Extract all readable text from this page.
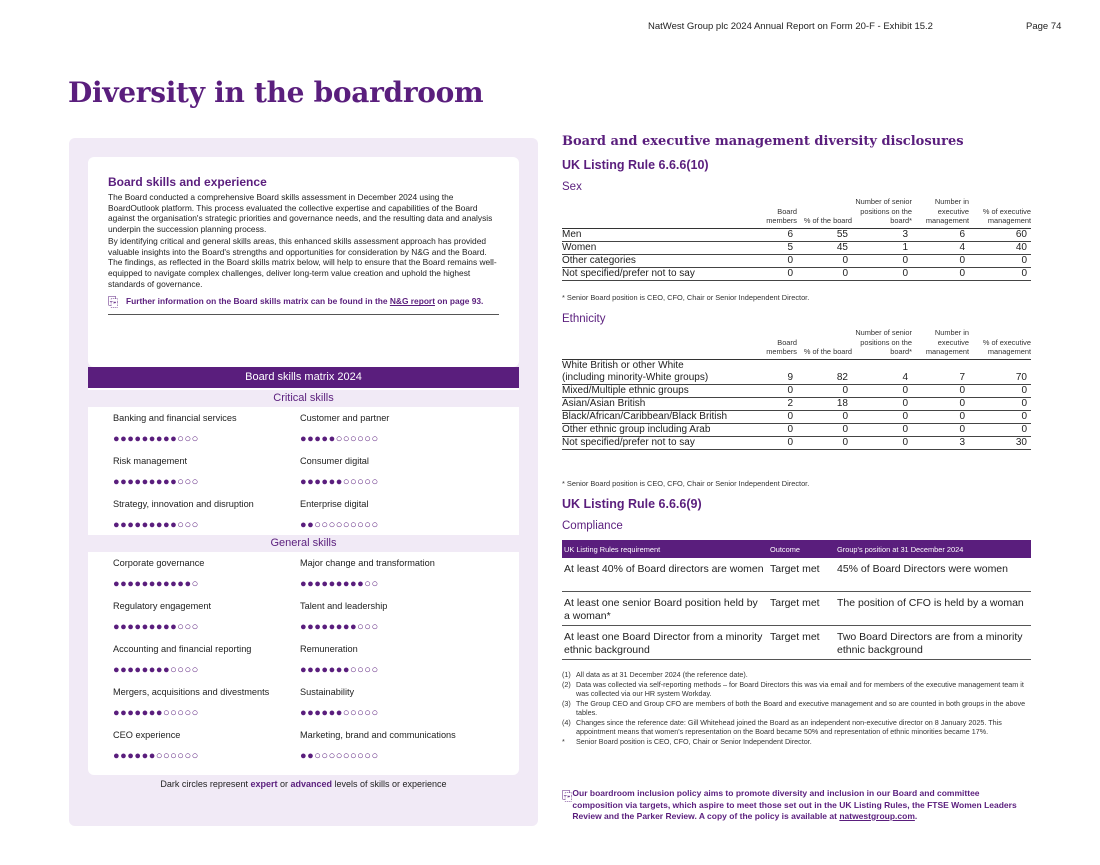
NatWest Group plc 2024 Annual Report on Form 20-F - Exhibit 15.2	Page 74
Diversity in the boardroom
Board skills and experience

The Board conducted a comprehensive Board skills assessment in December 2024 using the BoardOutlook platform. This process evaluated the collective expertise and capabilities of the Board against the organisation's strategic priorities and governance needs, and the resulting data and analysis underpin the succession planning process.

By identifying critical and general skills areas, this enhanced skills assessment approach has provided valuable insights into the Board's strengths and opportunities for consideration by N&G and the Board. The findings, as reflected in the Board skills matrix below, will help to ensure that the Board remains well-equipped to navigate complex challenges, deliver long-term value creation and uphold the highest standards of governance.

⎘ Further information on the Board skills matrix can be found in the N&G report on page 93.
Board skills matrix 2024
Critical skills
Banking and financial services
●●●●●●●●●○○○
Customer and partner
●●●●●○○○○○○
Risk management
●●●●●●●●●○○○
Consumer digital
●●●●●●○○○○○
Strategy, innovation and disruption
●●●●●●●●●○○○
Enterprise digital
●●○○○○○○○○○
General skills
Corporate governance
●●●●●●●●●●●○
Major change and transformation
●●●●●●●●●○○
Regulatory engagement
●●●●●●●●●○○○
Talent and leadership
●●●●●●●●○○○
Accounting and financial reporting
●●●●●●●●○○○○
Remuneration
●●●●●●●○○○○
Mergers, acquisitions and divestments
●●●●●●●○○○○○
Sustainability
●●●●●●○○○○○
CEO experience
●●●●●●○○○○○○
Marketing, brand and communications
●●○○○○○○○○○
Dark circles represent expert or advanced levels of skills or experience
Board and executive management diversity disclosures
UK Listing Rule 6.6.6(10)
Sex
	Board members	% of the board	Number of senior positions on the board*	Number in executive management	% of executive management
Men	6	55	3	6	60
Women	5	45	1	4	40
Other categories	0	0	0	0	0
Not specified/prefer not to say	0	0	0	0	0
* Senior Board position is CEO, CFO, Chair or Senior Independent Director.
Ethnicity
	Board members	% of the board	Number of senior positions on the board*	Number in executive management	% of executive management
White British or other White					
(including minority-White groups)	9	82	4	7	70
Mixed/Multiple ethnic groups	0	0	0	0	0
Asian/Asian British	2	18	0	0	0
Black/African/Caribbean/Black British	0	0	0	0	0
Other ethnic group including Arab	0	0	0	0	0
Not specified/prefer not to say	0	0	0	3	30
* Senior Board position is CEO, CFO, Chair or Senior Independent Director.
UK Listing Rule 6.6.6(9)
Compliance
UK Listing Rules requirement	Outcome	Group's position at 31 December 2024
At least 40% of Board directors are women	Target met	45% of Board Directors were women
At least one senior Board position held by a woman*	Target met	The position of CFO is held by a woman
At least one Board Director from a minority ethnic background	Target met	Two Board Directors are from a minority ethnic background
(1) All data as at 31 December 2024 (the reference date).
(2) Data was collected via self-reporting methods – for Board Directors this was via email and for members of the executive management team it was collected via our HR system Workday.
(3) The Group CEO and Group CFO are members of both the Board and executive management and so are counted in both groups in the above tables.
(4) Changes since the reference date: Gill Whitehead joined the Board as an independent non-executive director on 8 January 2025. This appointment means that women's representation on the Board became 50% and representation of ethnic minorities became 17%.
*	Senior Board position is CEO, CFO, Chair or Senior Independent Director.
⎘ Our boardroom inclusion policy aims to promote diversity and inclusion in our Board and committee composition via targets, which aspire to meet those set out in the UK Listing Rules, the FTSE Women Leaders Review and the Parker Review. A copy of the policy is available at natwestgroup.com.
